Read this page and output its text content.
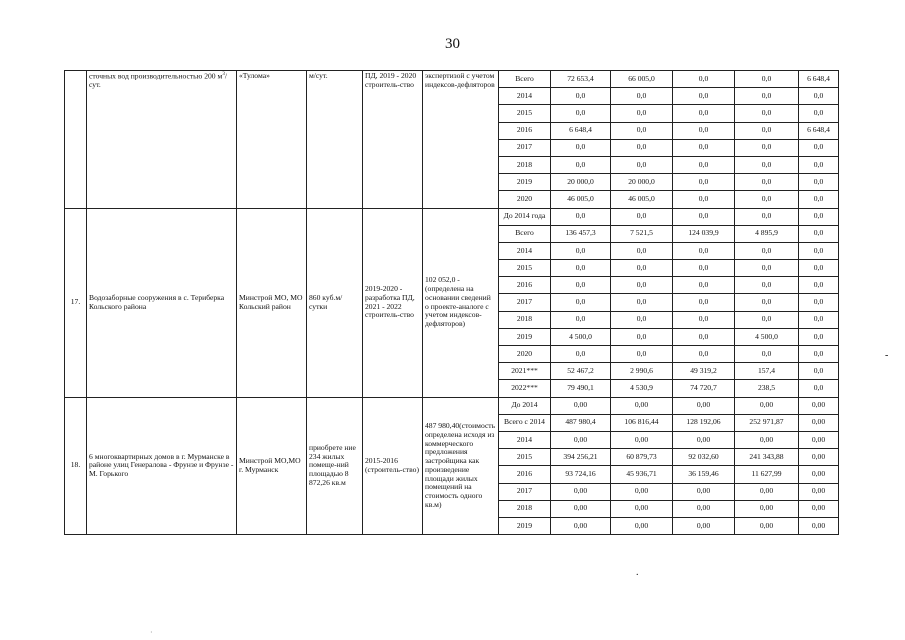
30
	сточных вод производительностью 200 $м^3$/сут.	«Тулома»	м/сут.	ПД, 2019 - 2020 строитель-ство	экспертизой с учетом индексов-дефляторов	Всего	72 653,4	66 005,0	0,0	0,0	6 648,4
						2014	0,0	0,0	0,0	0,0	0,0
						2015	0,0	0,0	0,0	0,0	0,0
						2016	6 648,4	0,0	0,0	0,0	6 648,4
						2017	0,0	0,0	0,0	0,0	0,0
						2018	0,0	0,0	0,0	0,0	0,0
						2019	20 000,0	20 000,0	0,0	0,0	0,0
						2020	46 005,0	46 005,0	0,0	0,0	0,0
17.	Водозаборные сооружения в с. Териберка Кольского района	Минстрой МО, МО Кольский район	860 куб.м/сутки	2019-2020 - разработка ПД, 2021 - 2022 строитель-ство	102 052,0 - (определена на основании сведений о проекте-аналоге с учетом индексов-дефляторов)	До 2014 года	0,0	0,0	0,0	0,0	0,0
						Всего	136 457,3	7 521,5	124 039,9	4 895,9	0,0
						2014	0,0	0,0	0,0	0,0	0,0
						2015	0,0	0,0	0,0	0,0	0,0
						2016	0,0	0,0	0,0	0,0	0,0
						2017	0,0	0,0	0,0	0,0	0,0
						2018	0,0	0,0	0,0	0,0	0,0
						2019	4 500,0	0,0	0,0	4 500,0	0,0
						2020	0,0	0,0	0,0	0,0	0,0
						2021***	52 467,2	2 990,6	49 319,2	157,4	0,0
						2022***	79 490,1	4 530,9	74 720,7	238,5	0,0
18.	6 многоквартирных домов в г. Мурманске в районе улиц Генералова - Фрунзе и Фрунзе - М. Горького	Минстрой МО,МО г. Мурманск	приобрете ние 234 жилых помеще-ний площадью 8 872,26 кв.м	2015-2016 (строитель-ство)	487 980,40(стоимость определена исходя из коммерческого предложения застройщика как произведение площади жилых помещений на стоимость одного кв.м)	До 2014	0,00	0,00	0,00	0,00	0,00
						Всего с 2014	487 980,4	106 816,44	128 192,06	252 971,87	0,00
						2014	0,00	0,00	0,00	0,00	0,00
						2015	394 256,21	60 879,73	92 032,60	241 343,88	0,00
						2016	93 724,16	45 936,71	36 159,46	11 627,99	0,00
						2017	0,00	0,00	0,00	0,00	0,00
						2018	0,00	0,00	0,00	0,00	0,00
						2019	0,00	0,00	0,00	0,00	0,00
.
-
·
